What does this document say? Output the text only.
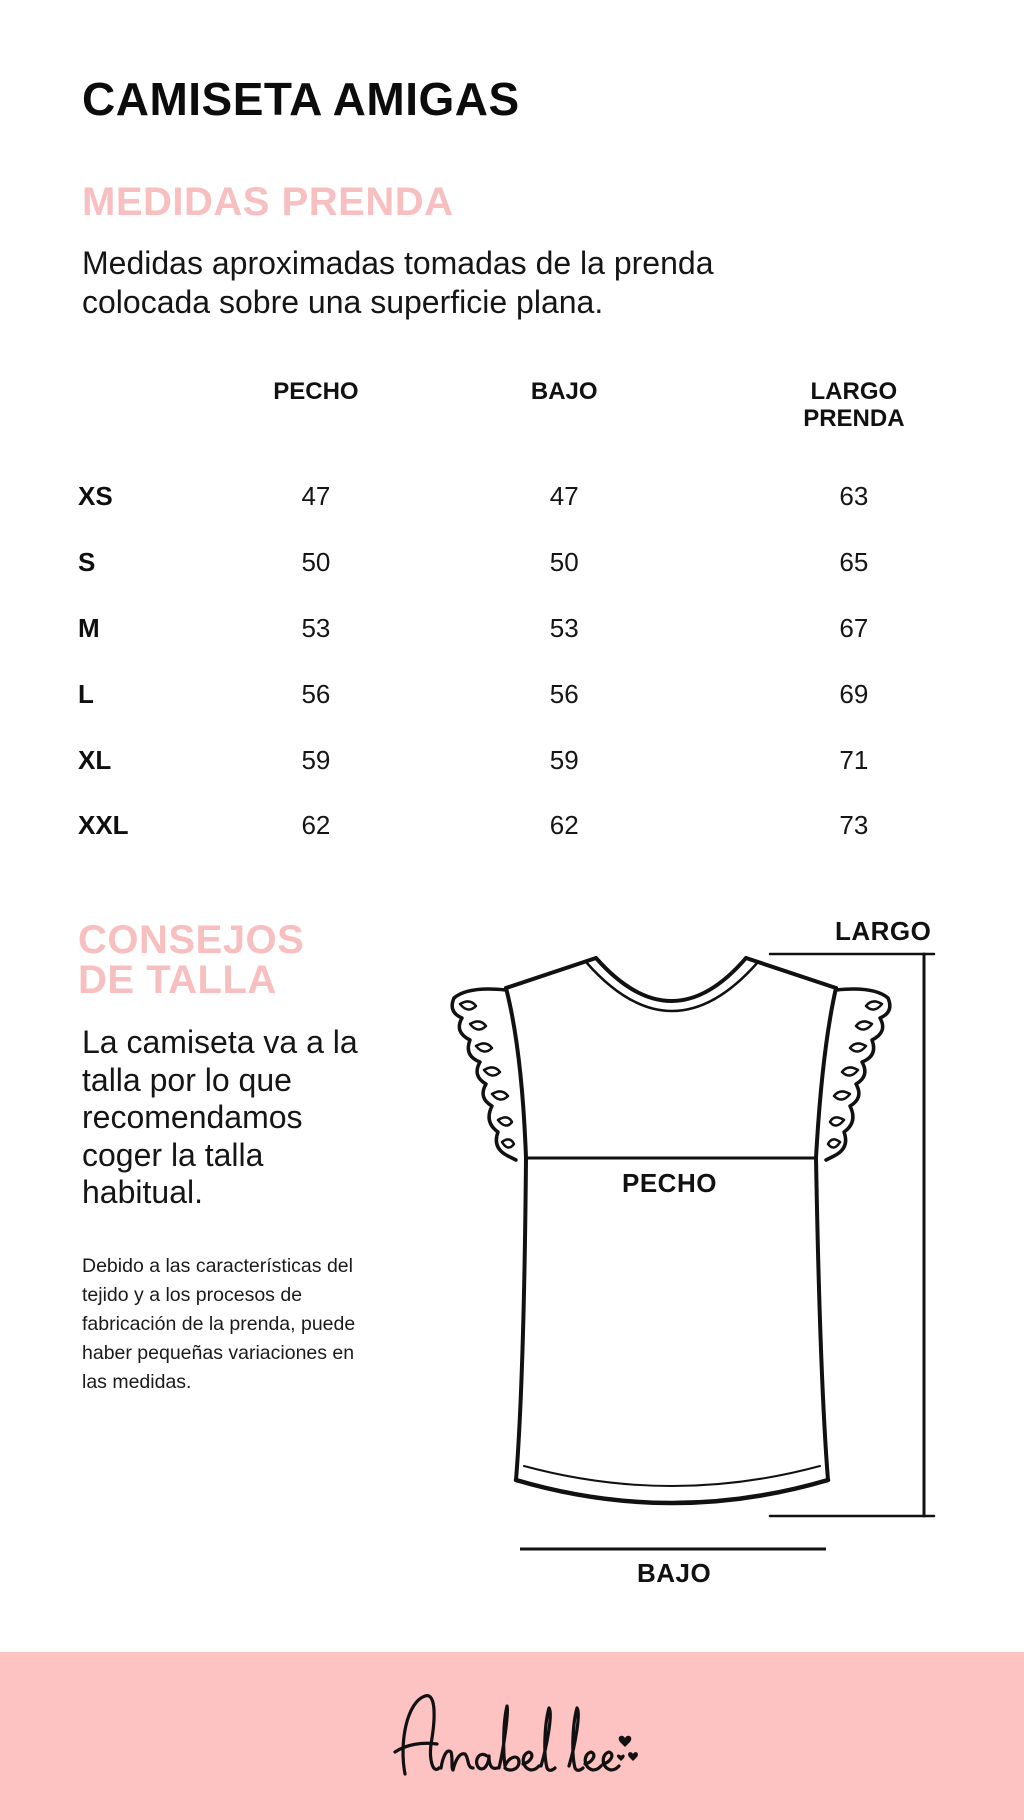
CAMISETA AMIGAS
MEDIDAS PRENDA

Medidas aproximadas tomadas de la prenda colocada sobre una superficie plana.

	PECHO	BAJO	LARGO
PRENDA
XS	47	47	63
S	50	50	65
M	53	53	67
L	56	56	69
XL	59	59	71
XXL	62	62	73
CONSEJOS
DE TALLA

La camiseta va a la talla por lo que recomendamos coger la talla habitual.

Debido a las características del tejido y a los procesos de fabricación de la prenda, puede haber pequeñas variaciones en las medidas.

LARGO

PECHO

BAJO
